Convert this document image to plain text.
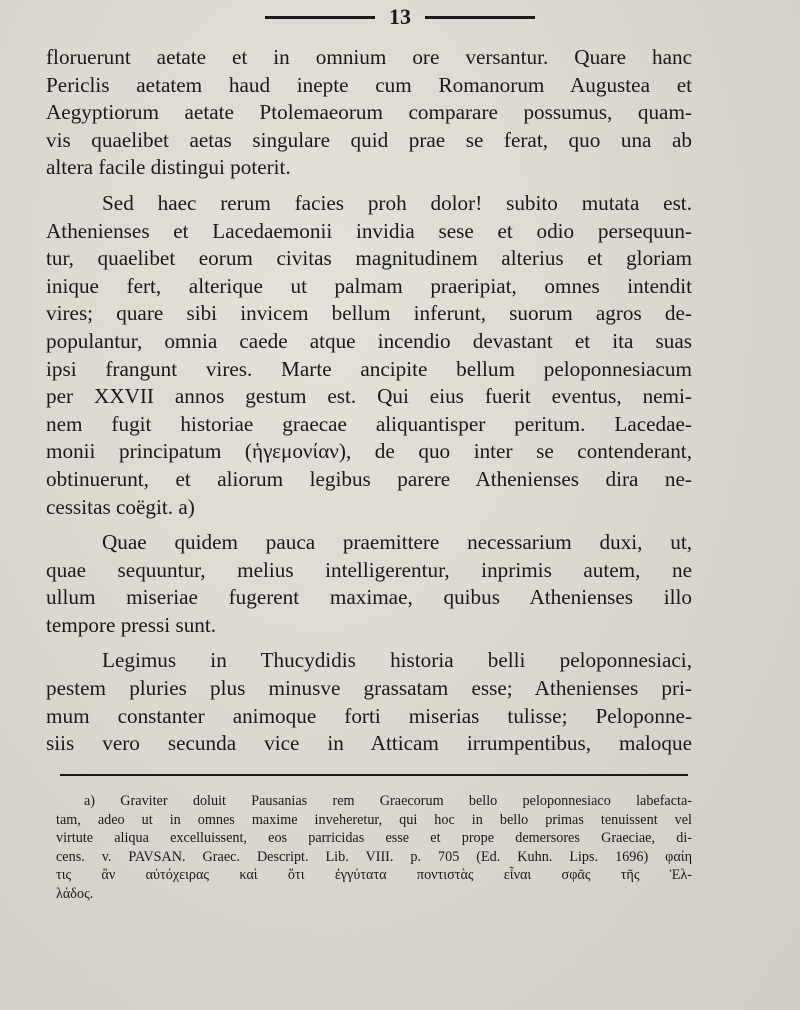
13
floruerunt aetate et in omnium ore versantur. Quare hanc
Periclis aetatem haud inepte cum Romanorum Augustea et
Aegyptiorum aetate Ptolemaeorum comparare possumus, quam-
vis quaelibet aetas singulare quid prae se ferat, quo una ab
altera facile distingui poterit.
Sed haec rerum facies proh dolor! subito mutata est.
Athenienses et Lacedaemonii invidia sese et odio persequun-
tur, quaelibet eorum civitas magnitudinem alterius et gloriam
inique fert, alterique ut palmam praeripiat, omnes intendit
vires; quare sibi invicem bellum inferunt, suorum agros de-
populantur, omnia caede atque incendio devastant et ita suas
ipsi frangunt vires. Marte ancipite bellum peloponnesiacum
per XXVII annos gestum est. Qui eius fuerit eventus, nemi-
nem fugit historiae graecae aliquantisper peritum. Lacedae-
monii principatum (ἡγεμονίαν), de quo inter se contenderant,
obtinuerunt, et aliorum legibus parere Athenienses dira ne-
cessitas coëgit. a)
Quae quidem pauca praemittere necessarium duxi, ut,
quae sequuntur, melius intelligerentur, inprimis autem, ne
ullum miseriae fugerent maximae, quibus Athenienses illo
tempore pressi sunt.
Legimus in Thucydidis historia belli peloponnesiaci,
pestem pluries plus minusve grassatam esse; Athenienses pri-
mum constanter animoque forti miserias tulisse; Peloponne-
siis vero secunda vice in Atticam irrumpentibus, maloque
a) Graviter doluit Pausanias rem Graecorum bello peloponnesiaco labefactа-
tam, adeo ut in omnes maxime inveheretur, qui hoc in bello primas tenuissent vel
virtute aliqua excelluissent, eos parricidas esse et prope demersores Graeciae, di-
cens. v. PAVSAN. Graec. Descript. Lib. VIII. p. 705 (Ed. Kuhn. Lips. 1696) φαίη
τις ἂν αὐτόχειρας καὶ ὅτι ἐγγύτατα ποντιστὰς εἶναι σφᾶς τῆς Ἑλ-
λάδος.
